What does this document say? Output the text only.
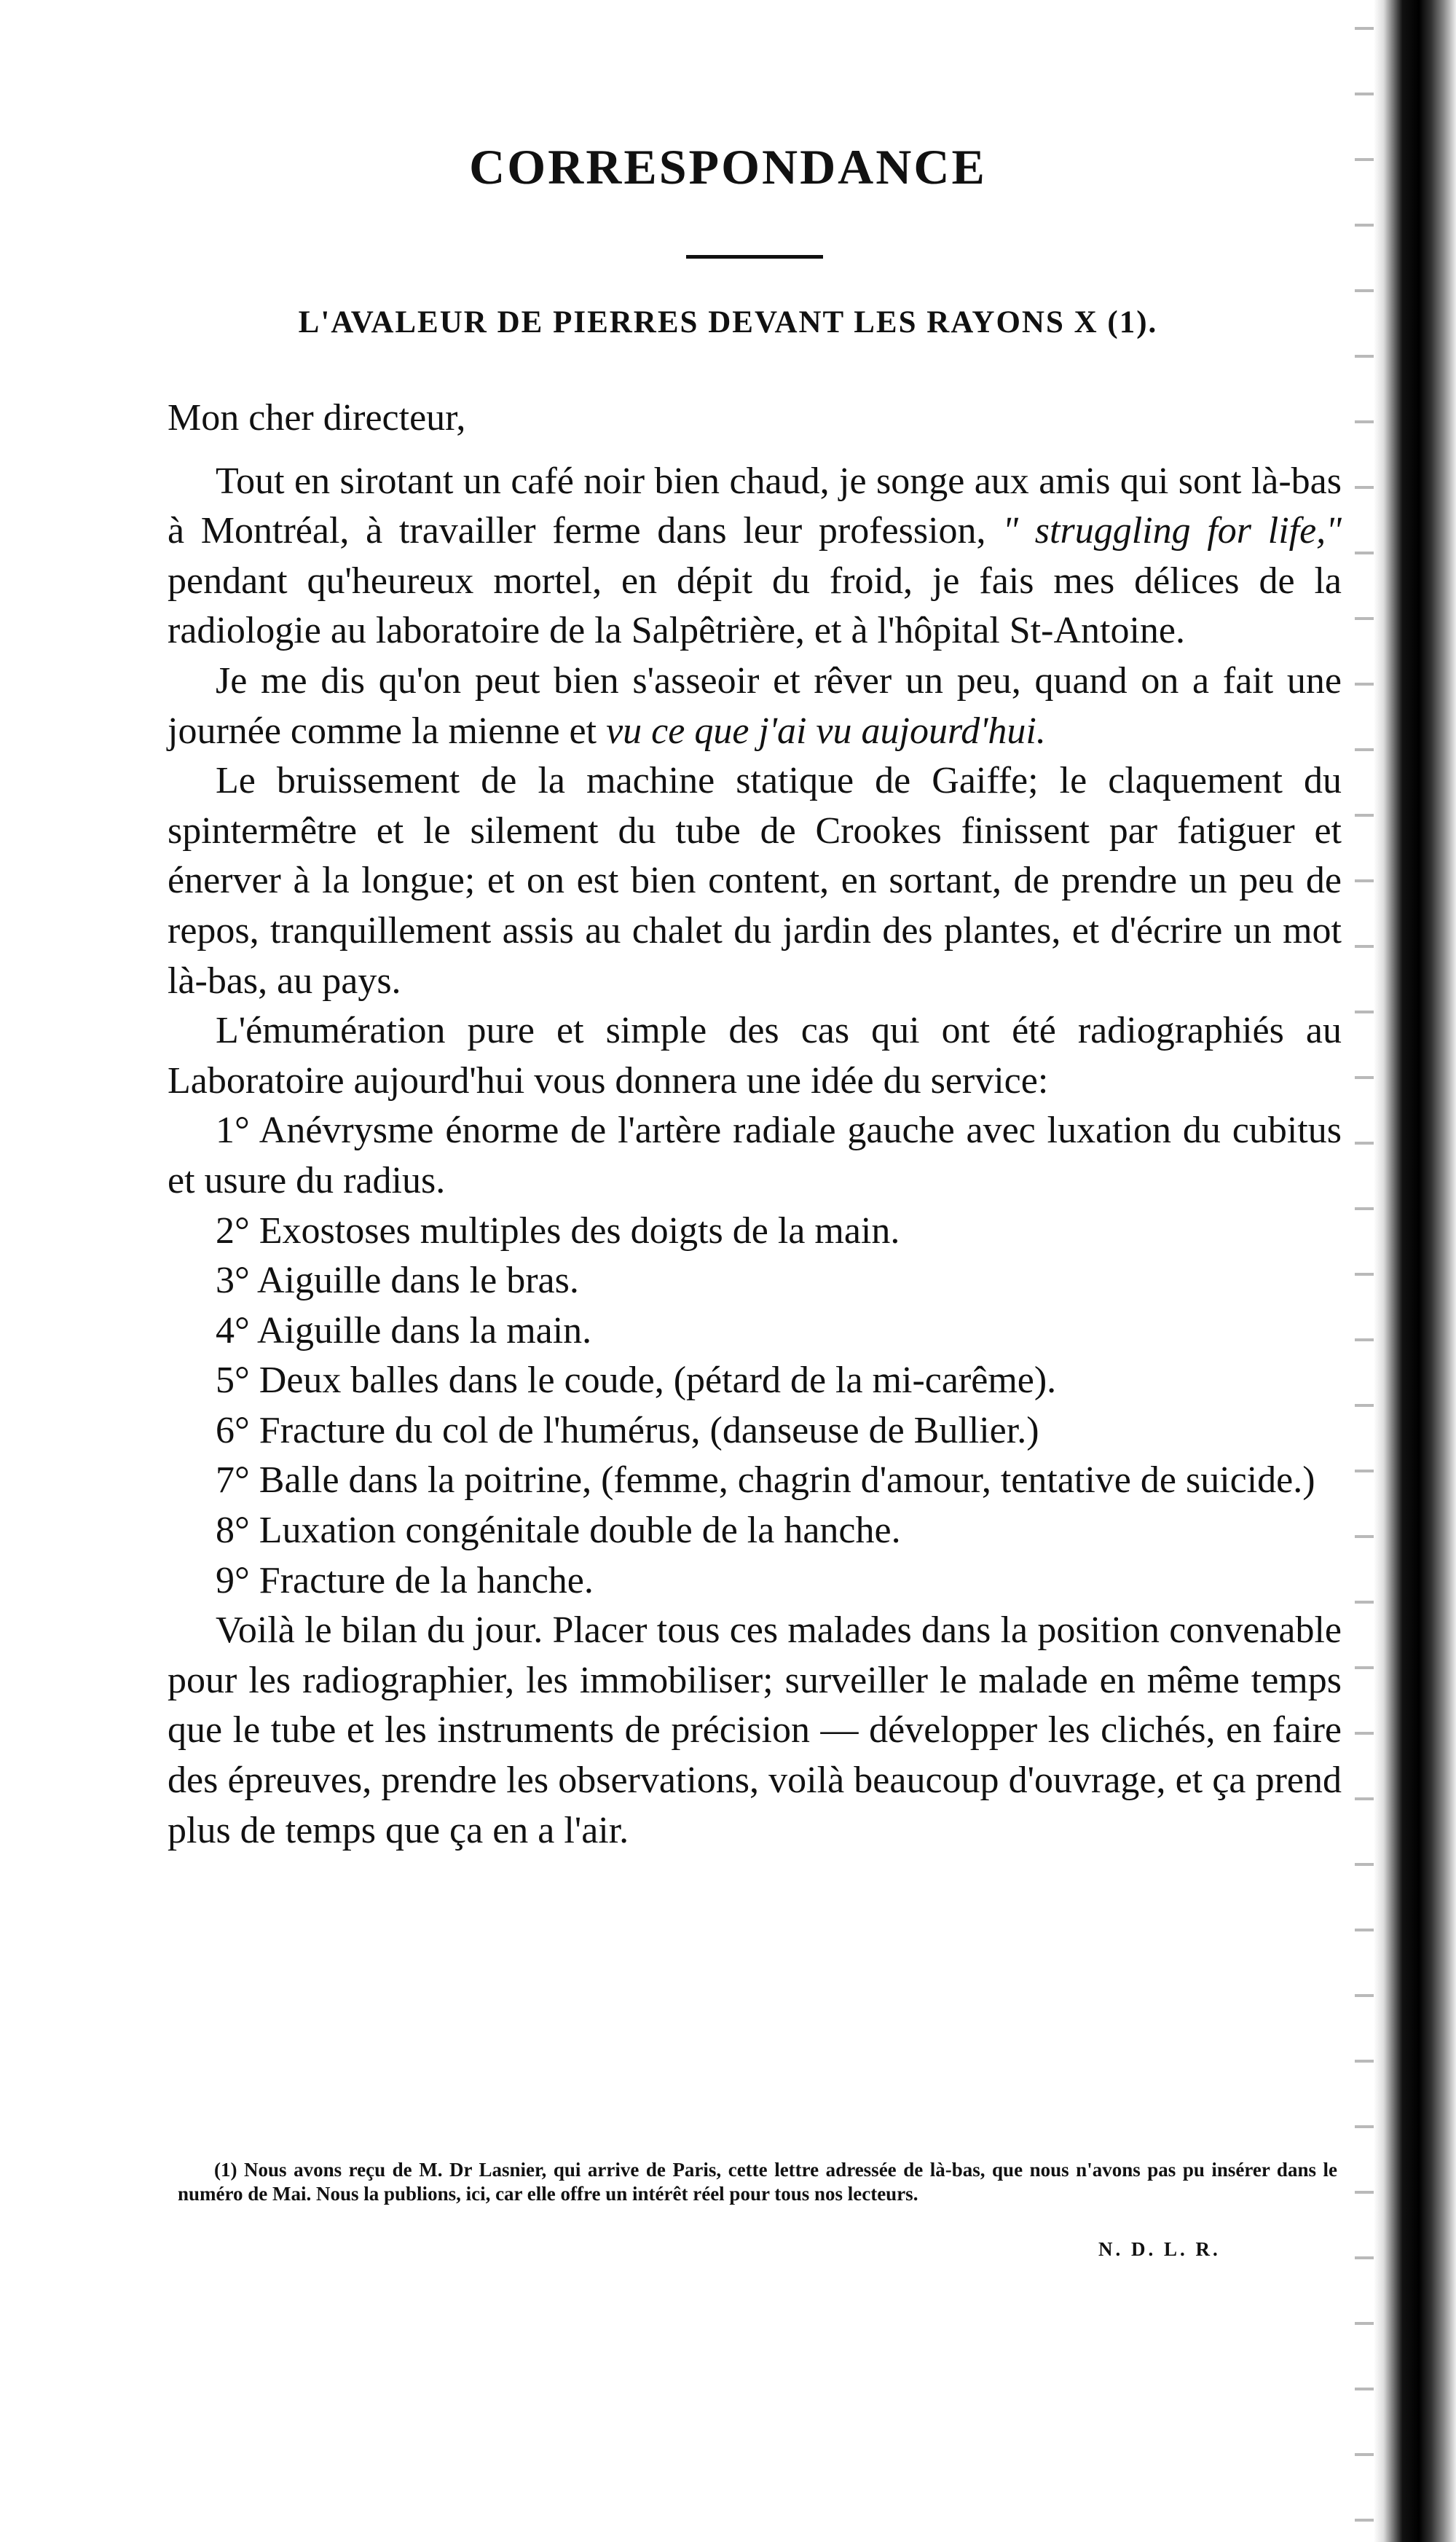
CORRESPONDANCE
L'AVALEUR DE PIERRES DEVANT LES RAYONS X (1).

Mon cher directeur,

Tout en sirotant un café noir bien chaud, je songe aux amis qui sont là-bas à Montréal, à travailler ferme dans leur profession, " struggling for life," pendant qu'heureux mortel, en dépit du froid, je fais mes délices de la radiologie au laboratoire de la Salpêtrière, et à l'hôpital St-Antoine.

Je me dis qu'on peut bien s'asseoir et rêver un peu, quand on a fait une journée comme la mienne et vu ce que j'ai vu aujourd'hui.

Le bruissement de la machine statique de Gaiffe; le claquement du spintermêtre et le silement du tube de Crookes finissent par fatiguer et énerver à la longue; et on est bien content, en sortant, de prendre un peu de repos, tranquillement assis au chalet du jardin des plantes, et d'écrire un mot là-bas, au pays.

L'émumération pure et simple des cas qui ont été radiographiés au Laboratoire aujourd'hui vous donnera une idée du service:

1° Anévrysme énorme de l'artère radiale gauche avec luxation du cubitus et usure du radius.
2° Exostoses multiples des doigts de la main.
3° Aiguille dans le bras.
4° Aiguille dans la main.
5° Deux balles dans le coude, (pétard de la mi-carême).
6° Fracture du col de l'humérus, (danseuse de Bullier.)
7° Balle dans la poitrine, (femme, chagrin d'amour, tentative de suicide.)
8° Luxation congénitale double de la hanche.
9° Fracture de la hanche.

Voilà le bilan du jour. Placer tous ces malades dans la position convenable pour les radiographier, les immobiliser; surveiller le malade en même temps que le tube et les instruments de précision — développer les clichés, en faire des épreuves, prendre les observations, voilà beaucoup d'ouvrage, et ça prend plus de temps que ça en a l'air.

(1) Nous avons reçu de M. Dr Lasnier, qui arrive de Paris, cette lettre adressée de là-bas, que nous n'avons pas pu insérer dans le numéro de Mai. Nous la publions, ici, car elle offre un intérêt réel pour tous nos lecteurs.
N. D. L. R.
